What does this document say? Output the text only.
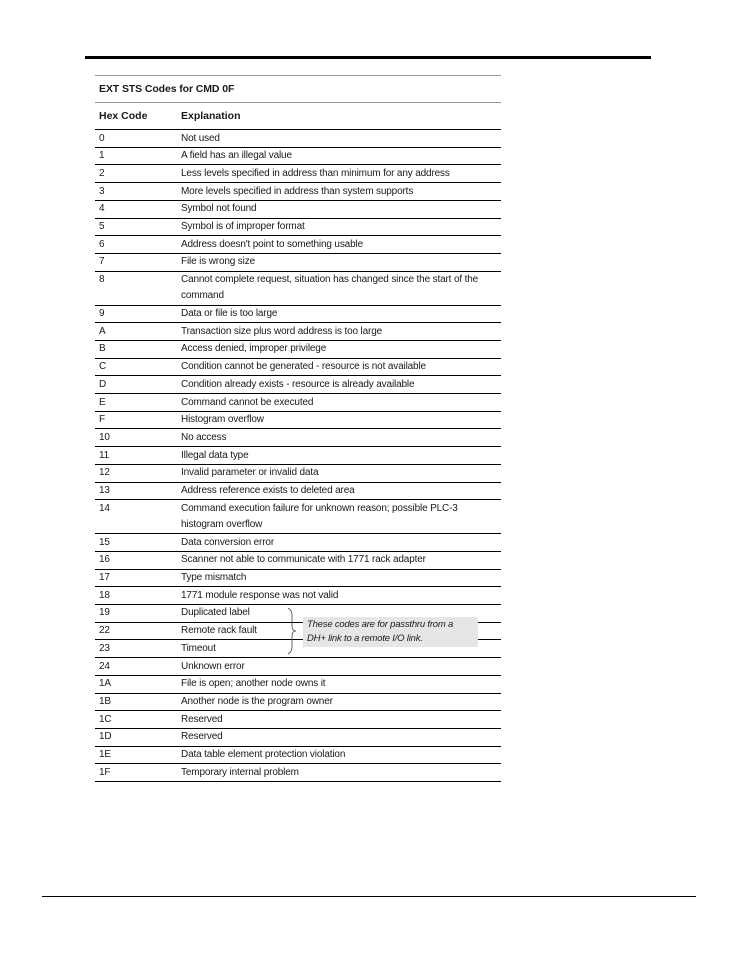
EXT STS Codes for CMD 0F
Hex Code	Explanation
0	Not used
1	A field has an illegal value
2	Less levels specified in address than minimum for any address
3	More levels specified in address than system supports
4	Symbol not found
5	Symbol is of improper format
6	Address doesn't point to something usable
7	File is wrong size
8	Cannot complete request, situation has changed since the start of the command
9	Data or file is too large
A	Transaction size plus word address is too large
B	Access denied, improper privilege
C	Condition cannot be generated - resource is not available
D	Condition already exists - resource is already available
E	Command cannot be executed
F	Histogram overflow
10	No access
11	Illegal data type
12	Invalid parameter or invalid data
13	Address reference exists to deleted area
14	Command execution failure for unknown reason; possible PLC-3 histogram overflow
15	Data conversion error
16	Scanner not able to communicate with 1771 rack adapter
17	Type mismatch
18	1771 module response was not valid
19	Duplicated label
22	Remote rack fault
23	Timeout
24	Unknown error
1A	File is open; another node owns it
1B	Another node is the program owner
1C	Reserved
1D	Reserved
1E	Data table element protection violation
1F	Temporary internal problem
These codes are for passthru from a DH+ link to a remote I/O link.
